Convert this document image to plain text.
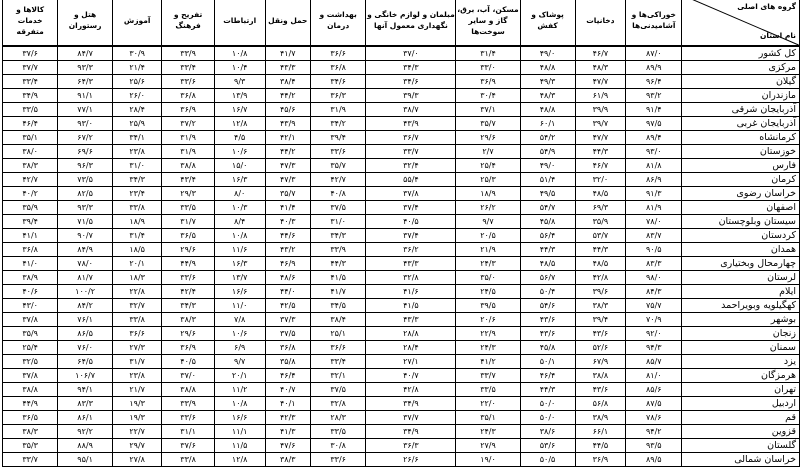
گروه های اصلی
نام استان	خوراکی‌ها و آشامیدنی‌ها	دخانیات	پوشاک و کفش	مسکن، آب، برق، گاز و سایر سوخت‌ها	مبلمان و لوازم خانگی و نگهداری معمول آنها	بهداشت و درمان	حمل ونقل	ارتباطات	تفریح و فرهنگ	آموزش	هتل و رستوران	کالاها و خدمات متفرقه
کل کشور	۸۷/۰	۴۶/۷	۴۹/۰	۳۱/۴	۳۷/۰	۳۶/۶	۴۱/۷	۱۰/۸	۳۳/۹	۳۰/۹	۸۴/۷	۳۷/۶
مرکزی	۸۹/۹	۴۸/۳	۴۸/۸	۳۳/۰	۳۴/۳	۳۶/۸	۴۳/۳	۱۰/۴	۳۳/۴	۲۱/۴	۹۳/۳	۳۷/۷
گیلان	۹۶/۴	۴۷/۷	۴۹/۳	۳۶/۹	۳۴/۶	۳۴/۶	۳۸/۴	۹/۳	۳۳/۶	۲۵/۶	۶۴/۳	۳۳/۴
مازندران	۹۳/۲	۶۱/۹	۴۸/۳	۳۰/۴	۳۹/۳	۳۶/۳	۴۴/۲	۱۳/۹	۳۶/۸	۲۶/۰	۹۱/۱	۳۴/۹
آذربایجان شرقی	۹۱/۴	۳۹/۹	۴۸/۸	۳۷/۱	۳۸/۷	۳۱/۹	۴۵/۶	۱۶/۷	۳۶/۹	۲۸/۴	۷۷/۱	۳۳/۵
آذربایجان غربی	۹۷/۵	۳۹/۷	۶۰/۱	۳۵/۷	۴۳/۹	۳۴/۲	۴۳/۹	۱۲/۸	۳۷/۲	۲۵/۹	۹۳/۰	۴۶/۴
کرمانشاه	۸۹/۴	۴۷/۷	۵۴/۲	۲۹/۶	۳۶/۷	۳۹/۴	۴۲/۱	۴/۵	۳۱/۹	۳۴/۱	۶۷/۲	۳۵/۱
خوزستان	۹۳/۰	۴۴/۳	۵۴/۹	۲/۷	۳۳/۷	۳۳/۶	۴۴/۲	۱۰/۶	۳۱/۹	۲۳/۸	۶۹/۶	۳۸/۰
فارس	۸۱/۸	۴۶/۷	۴۹/۰	۲۵/۴	۳۲/۴	۳۵/۷	۴۷/۳	۱۵/۰	۳۸/۸	۳۱/۰	۹۶/۳	۳۸/۳
کرمان	۸۶/۹	۳۲/۰	۵۱/۴	۲۵/۳	۵۵/۴	۴۲/۷	۴۷/۳	۱۶/۳	۴۳/۴	۳۴/۳	۷۳/۵	۴۲/۷
خراسان رضوی	۹۱/۳	۴۸/۵	۴۹/۵	۱۸/۹	۳۷/۸	۴۰/۸	۳۵/۷	۸/۰	۲۹/۳	۲۳/۴	۸۲/۵	۴۰/۲
اصفهان	۸۱/۹	۶۹/۳	۵۴/۷	۲۶/۲	۳۷/۴	۳۷/۵	۴۱/۴	۱۰/۳	۳۳/۵	۳۳/۸	۹۳/۳	۳۵/۹
سیستان وبلوچستان	۷۸/۰	۳۵/۹	۴۵/۸	۹/۷	۴۰/۵	۳۱/۰	۴۰/۳	۸/۴	۳۱/۷	۱۸/۹	۷۱/۵	۳۹/۴
کردستان	۸۳/۷	۵۳/۷	۵۶/۴	۲۰/۵	۳۷/۴	۳۴/۳	۴۴/۶	۱۰/۸	۳۶/۵	۳۱/۴	۹۰/۷	۴۱/۱
همدان	۹۰/۵	۴۴/۳	۴۴/۳	۲۱/۹	۳۶/۲	۳۳/۹	۴۳/۲	۱۱/۶	۲۹/۶	۱۸/۵	۸۴/۹	۳۶/۸
چهارمحال وبختیاری	۸۳/۳	۴۸/۵	۴۸/۵	۲۴/۳	۴۳/۳	۴۴/۳	۴۶/۹	۱۶/۳	۴۴/۹	۲۰/۱	۷۸/۰	۴۱/۰
لرستان	۹۸/۰	۴۲/۸	۵۶/۷	۳۵/۰	۳۲/۸	۴۱/۵	۴۸/۶	۱۳/۷	۳۳/۶	۱۸/۳	۸۱/۷	۳۸/۹
ایلام	۸۴/۳	۳۹/۶	۵۰/۴	۲۴/۵	۴۱/۶	۴۱/۷	۴۴/۰	۱۶/۶	۴۲/۴	۲۲/۸	۱۰۰/۲	۴۰/۶
کهگیلویه وبویراحمد	۷۵/۷	۳۸/۳	۵۴/۶	۳۹/۵	۴۱/۵	۳۴/۵	۴۲/۵	۱۱/۰	۳۴/۳	۳۲/۷	۸۴/۲	۴۳/۰
بوشهر	۷۰/۹	۳۹/۴	۴۳/۶	۲۰/۶	۴۳/۳	۳۸/۴	۳۷/۳	۷/۸	۳۸/۳	۳۳/۸	۷۶/۱	۳۷/۸
زنجان	۹۲/۰	۴۳/۶	۴۳/۶	۲۲/۹	۲۸/۸	۲۵/۱	۳۷/۵	۱۰/۶	۲۹/۶	۳۶/۶	۸۶/۵	۳۵/۹
سمنان	۹۴/۳	۵۲/۶	۴۵/۸	۲۴/۳	۲۸/۴	۳۶/۶	۳۶/۸	۶/۹	۳۶/۹	۲۷/۳	۷۶/۰	۲۵/۴
یزد	۸۵/۷	۶۷/۹	۵۰/۱	۴۱/۲	۲۷/۱	۳۳/۴	۳۵/۸	۹/۷	۴۰/۵	۳۱/۷	۶۴/۵	۳۲/۵
هرمزگان	۸۱/۰	۳۸/۸	۴۶/۴	۳۳/۷	۴۰/۷	۳۲/۱	۴۶/۴	۲۰/۱	۳۷/۰	۲۳/۸	۱۰۶/۷	۳۷/۸
تهران	۸۵/۶	۴۳/۶	۴۴/۳	۳۳/۵	۴۲/۸	۳۷/۵	۴۰/۷	۱۱/۲	۳۸/۸	۲۱/۷	۹۴/۱	۳۸/۸
اردبیل	۸۷/۵	۵۶/۸	۵۰/۰	۲۲/۰	۳۴/۹	۳۲/۸	۴۰/۱	۱۰/۸	۳۳/۹	۱۹/۳	۸۳/۳	۴۴/۹
قم	۷۸/۶	۳۸/۹	۵۰/۰	۳۵/۱	۳۷/۷	۲۸/۳	۴۲/۳	۱۶/۶	۳۳/۶	۱۹/۳	۸۶/۱	۳۶/۵
قزوین	۹۴/۲	۶۶/۱	۳۸/۶	۲۴/۳	۳۴/۹	۳۳/۵	۴۱/۳	۱۱/۱	۳۱/۱	۲۲/۷	۹۲/۲	۳۸/۳
گلستان	۹۳/۵	۴۴/۵	۵۳/۶	۲۷/۹	۳۶/۳	۳۰/۸	۴۷/۶	۱۱/۵	۳۷/۶	۲۹/۷	۸۸/۹	۳۵/۳
خراسان شمالی	۸۹/۵	۳۶/۹	۵۰/۵	۱۹/۰	۲۶/۶	۳۳/۶	۳۸/۳	۱۲/۸	۳۳/۸	۲۷/۸	۹۵/۱	۳۳/۷
